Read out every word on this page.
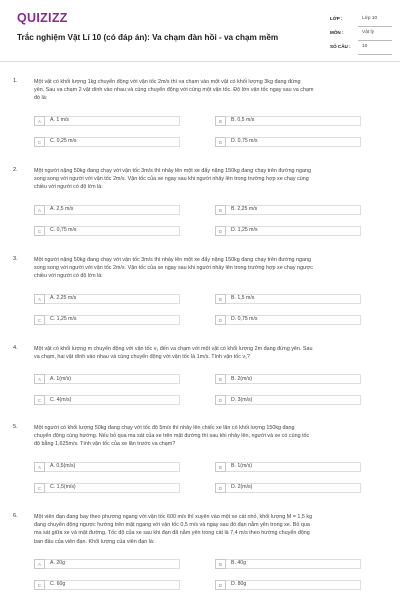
QUIZIZZ
Trắc nghiệm Vật Lí 10 (có đáp án): Va chạm đàn hồi - va chạm mềm
LỚP :	Lớp 10
MÔN :	Vật lý
SỐ CÂU : 10
1.	Một vật có khối lượng 1kg chuyển động với vận tốc 2m/s thì va chạm vào một vật có khối lượng 3kg đang đứng
yên. Sau va chạm 2 vật dính vào nhau và cùng chuyển động với cùng một vận tốc. Độ lớn vận tốc ngay sau va chạm
đó là:
A	A. 1 m/s	B	B. 0,5 m/s
C	C. 0,25 m/s	D	D. 0,75 m/s
2.	Một người nặng 50kg đang chạy với vận tốc 3m/s thì nhảy lên một xe đẩy nặng 150kg đang chạy trên đường ngang
song song với người với vận tốc 2m/s. Vận tốc của xe ngay sau khi người nhảy lên trong trường hợp xe chạy cùng
chiều với người có độ lớn là:
A	A. 2,5 m/s	B	B. 2,25 m/s
C	C. 0,75 m/s	D	D. 1,25 m/s
3.	Một người nặng 50kg đang chạy với vận tốc 3m/s thì nhảy lên một xe đẩy nặng 150kg đang chạy trên đường ngang
song song với người với vận tốc 2m/s. Vận tốc của xe ngay sau khi người nhảy lên trong trường hợp xe chạy ngược
chiều với người có độ lớn là:
A	A. 2,25 m/s	B	B. 1,5 m/s
C	C. 1,25 m/s	D	D. 0,75 m/s
4.	Một vật có khối lượng m chuyển động với vận tốc v₁ đến va chạm với một vật có khối lượng 2m đang đứng yên. Sau
va chạm, hai vật dính vào nhau và cùng chuyển động với vận tốc là 1m/s. Tính vận tốc v₁?
A	A. 1(m/s)	B	B. 2(m/s)
C	C. 4(m/s)	D	D. 3(m/s)
5.	Một người có khối lượng 50kg đang chạy với tốc độ 5m/s thì nhảy lên chiếc xe lăn có khối lượng 150kg đang
chuyển động cùng hướng. Nếu bỏ qua ma sát của xe trên mặt đường thì sau khi nhảy lên, người và xe có cùng tốc
độ bằng 1,625m/s. Tính vận tốc của xe lăn trước va chạm?
A	A. 0,5(m/s)	B	B. 1(m/s)
C	C. 1,5(m/s)	D	D. 2(m/s)
6.	Một viên đạn đang bay theo phương ngang với vận tốc 600 m/s thì xuyên vào một xe cát nhỏ, khối lượng M = 1,5 kg
đang chuyển động ngược hướng trên mặt ngang với vận tốc 0,5 m/s và ngay sau đó đạn nằm yên trong xe. Bỏ qua
ma sát giữa xe và mặt đường. Tốc độ của xe sau khi đạn đã nằm yên trong cát là 7,4 m/s theo hướng chuyển động
ban đầu của viên đạn. Khối lượng của viên đạn là:
A	A. 20g	B	B. 40g
C	C. 60g	D	D. 80g
